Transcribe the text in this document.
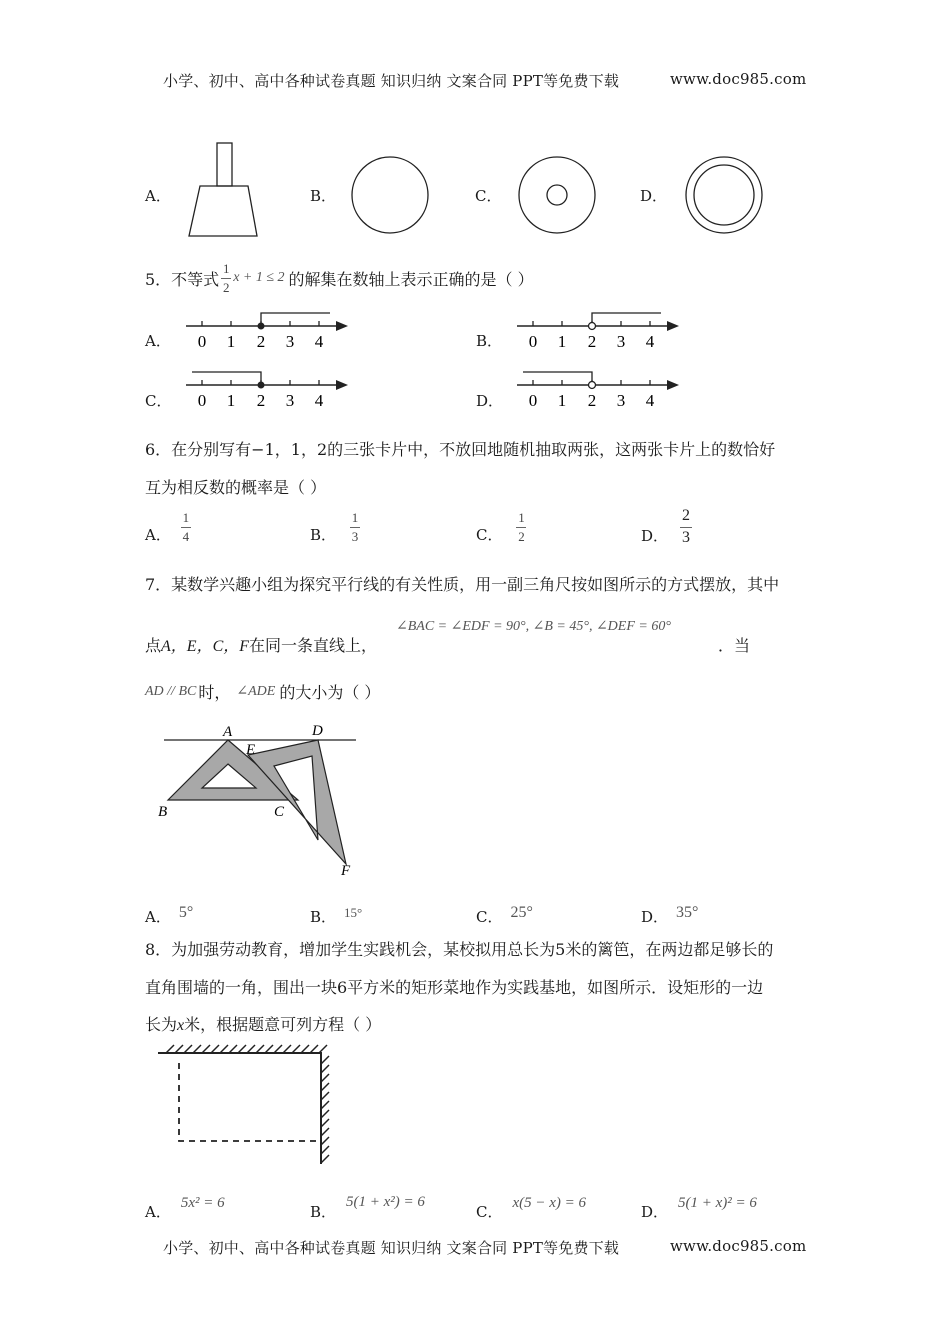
小学、初中、高中各种试卷真题 知识归纳 文案合同 PPT等免费下载	www.doc985.com
A．	B．	C．	D．
5．不等式 $\frac{1}{2}$ x + 1 ≤ 2 的解集在数轴上表示正确的是（ ）
A．	B．
C．	D．
0 1 2 3 4	0 1 2 3 4
0 1 2 3 4	0 1 2 3 4
6．在分别写有−1，1，2的三张卡片中，不放回地随机抽取两张，这两张卡片上的数恰好
互为相反数的概率是（ ）
A． $\frac{1}{4}$	B． $\frac{1}{3}$	C． $\frac{1}{2}$	D． $\frac{2}{3}$
7．某数学兴趣小组为探究平行线的有关性质，用一副三角尺按如图所示的方式摆放，其中
点A，E，C，F在同一条直线上，
∠BAC = ∠EDF = 90°, ∠B = 45°, ∠DEF = 60°
．当
AD // BC 时， ∠ADE 的大小为（ ）
A	D
E
B	C
F
A． 5°	B． 15°	C． 25°	D． 35°
8．为加强劳动教育，增加学生实践机会，某校拟用总长为5米的篱笆，在两边都足够长的
直角围墙的一角，围出一块6平方米的矩形菜地作为实践基地，如图所示．设矩形的一边
长为x米，根据题意可列方程（ ）
A． 5x² = 6	B．
5(1 + x²) = 6
C． x(5 − x) = 6	D． 5(1 + x)² = 6
小学、初中、高中各种试卷真题 知识归纳 文案合同 PPT等免费下载	www.doc985.com
